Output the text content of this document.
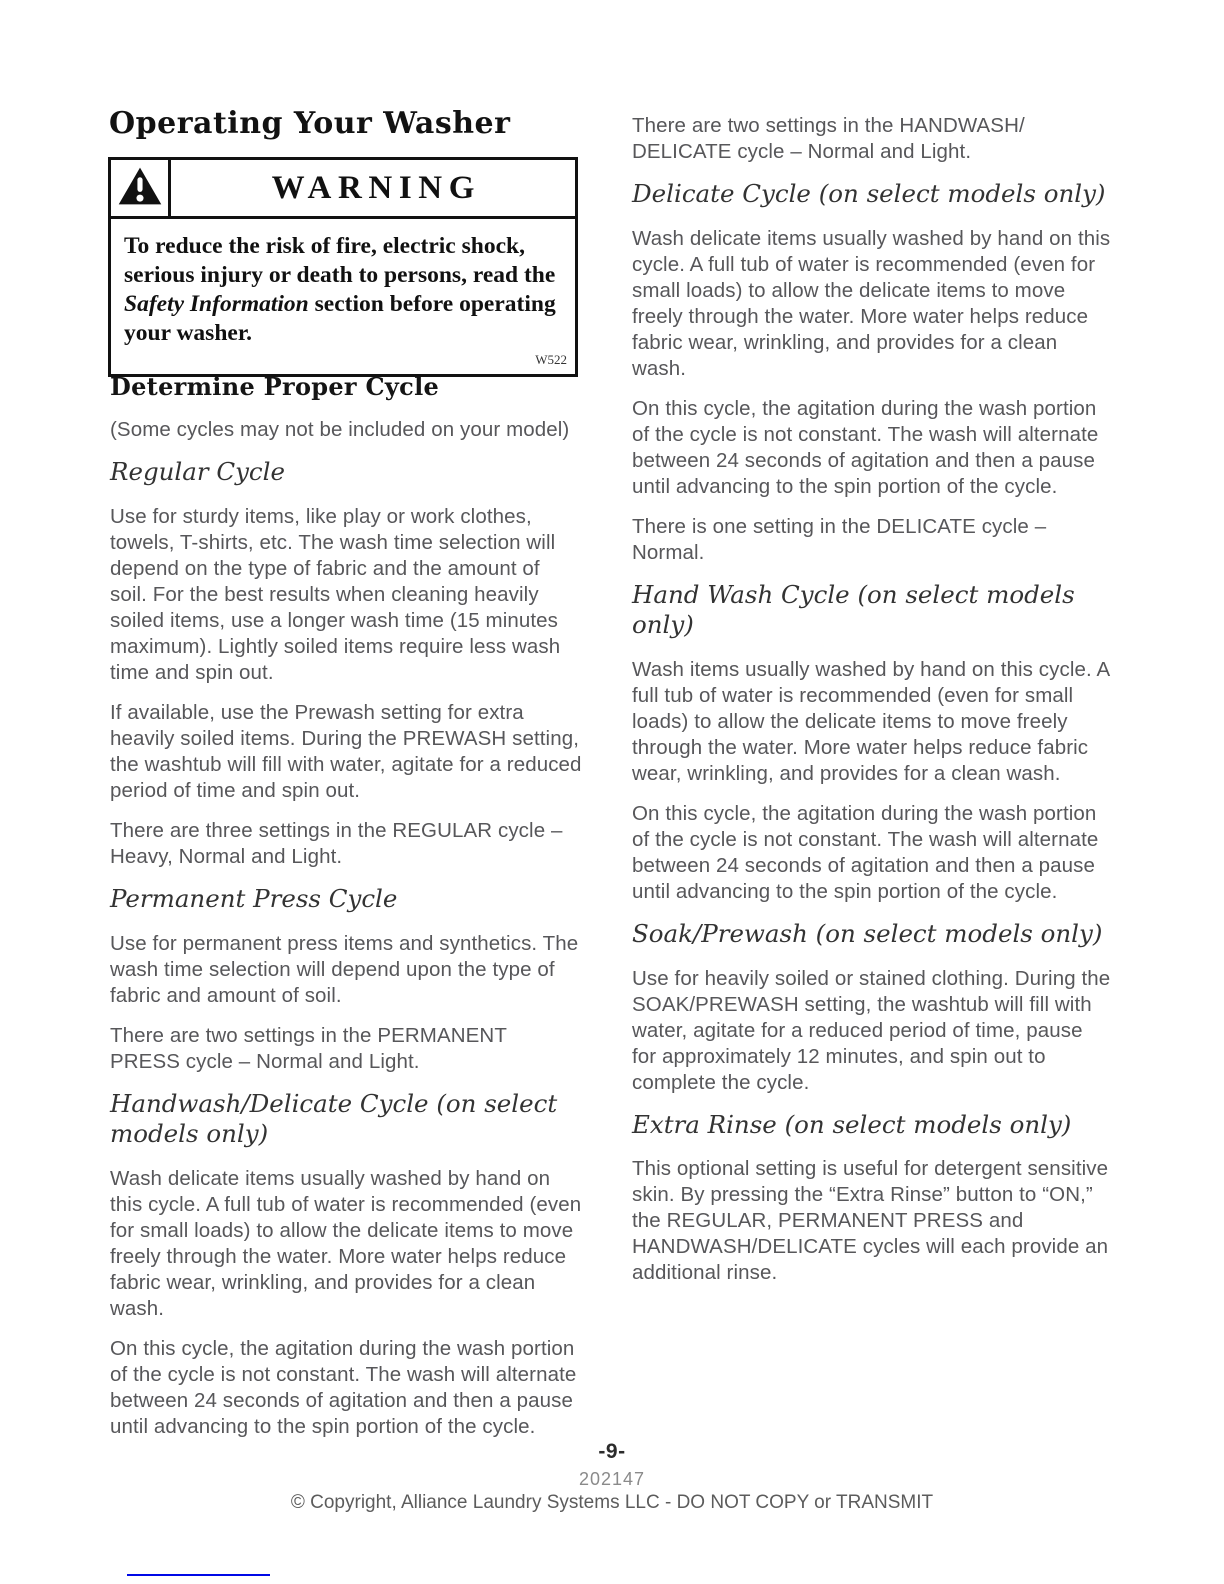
Operating Your Washer
WARNING
To reduce the risk of fire, electric shock, serious injury or death to persons, read the Safety Information section before operating your washer.
W522
Determine Proper Cycle
(Some cycles may not be included on your model)
Regular Cycle
Use for sturdy items, like play or work clothes, towels, T-shirts, etc. The wash time selection will depend on the type of fabric and the amount of soil. For the best results when cleaning heavily soiled items, use a longer wash time (15 minutes maximum). Lightly soiled items require less wash time and spin out.
If available, use the Prewash setting for extra heavily soiled items. During the PREWASH setting, the washtub will fill with water, agitate for a reduced period of time and spin out.
There are three settings in the REGULAR cycle – Heavy, Normal and Light.
Permanent Press Cycle
Use for permanent press items and synthetics. The wash time selection will depend upon the type of fabric and amount of soil.
There are two settings in the PERMANENT PRESS cycle – Normal and Light.
Handwash/Delicate Cycle (on select models only)
Wash delicate items usually washed by hand on this cycle. A full tub of water is recommended (even for small loads) to allow the delicate items to move freely through the water. More water helps reduce fabric wear, wrinkling, and provides for a clean wash.
On this cycle, the agitation during the wash portion of the cycle is not constant. The wash will alternate between 24 seconds of agitation and then a pause until advancing to the spin portion of the cycle.
There are two settings in the HANDWASH/ DELICATE cycle – Normal and Light.
Delicate Cycle (on select models only)
Wash delicate items usually washed by hand on this cycle. A full tub of water is recommended (even for small loads) to allow the delicate items to move freely through the water. More water helps reduce fabric wear, wrinkling, and provides for a clean wash.
On this cycle, the agitation during the wash portion of the cycle is not constant. The wash will alternate between 24 seconds of agitation and then a pause until advancing to the spin portion of the cycle.
There is one setting in the DELICATE cycle – Normal.
Hand Wash Cycle (on select models only)
Wash items usually washed by hand on this cycle. A full tub of water is recommended (even for small loads) to allow the delicate items to move freely through the water. More water helps reduce fabric wear, wrinkling, and provides for a clean wash.
On this cycle, the agitation during the wash portion of the cycle is not constant. The wash will alternate between 24 seconds of agitation and then a pause until advancing to the spin portion of the cycle.
Soak/Prewash (on select models only)
Use for heavily soiled or stained clothing. During the SOAK/PREWASH setting, the washtub will fill with water, agitate for a reduced period of time, pause for approximately 12 minutes, and spin out to complete the cycle.
Extra Rinse (on select models only)
This optional setting is useful for detergent sensitive skin. By pressing the “Extra Rinse” button to “ON,” the REGULAR, PERMANENT PRESS and HANDWASH/DELICATE cycles will each provide an additional rinse.
-9-
202147
© Copyright, Alliance Laundry Systems LLC - DO NOT COPY or TRANSMIT
